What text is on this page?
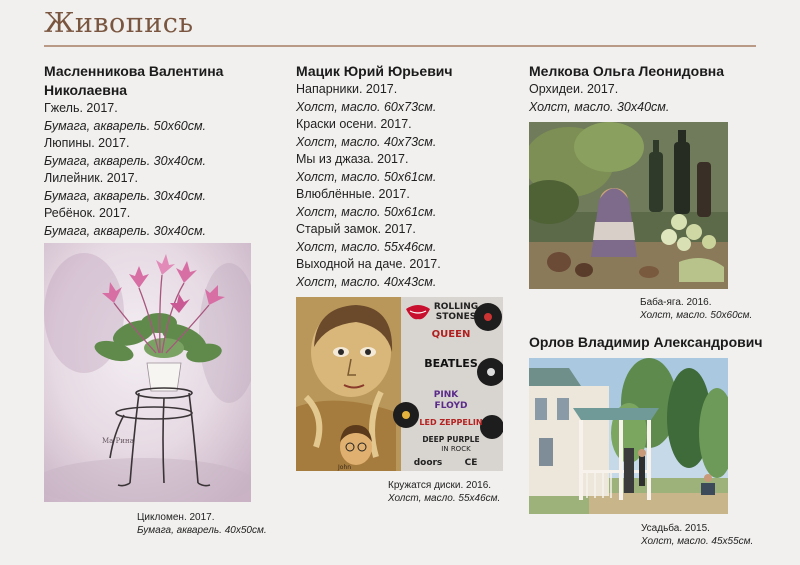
Живопись
Масленникова Валентина
Николаевна
Гжель. 2017.
Бумага, акварель. 50х60см.
Люпины. 2017.
Бумага, акварель. 30х40см.
Лилейник. 2017.
Бумага, акварель. 30х40см.
Ребёнок. 2017.
Бумага, акварель. 30х40см.
Ма Рина
Цикломен. 2017.
Бумага, акварель. 40х50см.
Мацик Юрий Юрьевич
Напарники. 2017.
Холст, масло. 60х73см.
Краски осени. 2017.
Холст, масло. 40х73см.
Мы из джаза. 2017.
Холст, масло. 50х61см.
Влюблённые. 2017.
Холст, масло. 50х61см.
Старый замок. 2017.
Холст, масло. 55х46см.
Выходной на даче. 2017.
Холст, масло. 40х43см.
John
ROLLING
STONES
QUEEN
BEATLES
PINK
FLOYD
LED ZEPPELIN
DEEP PURPLE
IN ROCK
doors CE
Кружатся диски. 2016.
Холст, масло. 55х46см.
Мелкова Ольга Леонидовна
Орхидеи. 2017.
Холст, масло. 30х40см.
Баба-яга. 2016.
Холст, масло. 50х60см.
Орлов Владимир Александрович
Усадьба. 2015.
Холст, масло. 45х55см.
